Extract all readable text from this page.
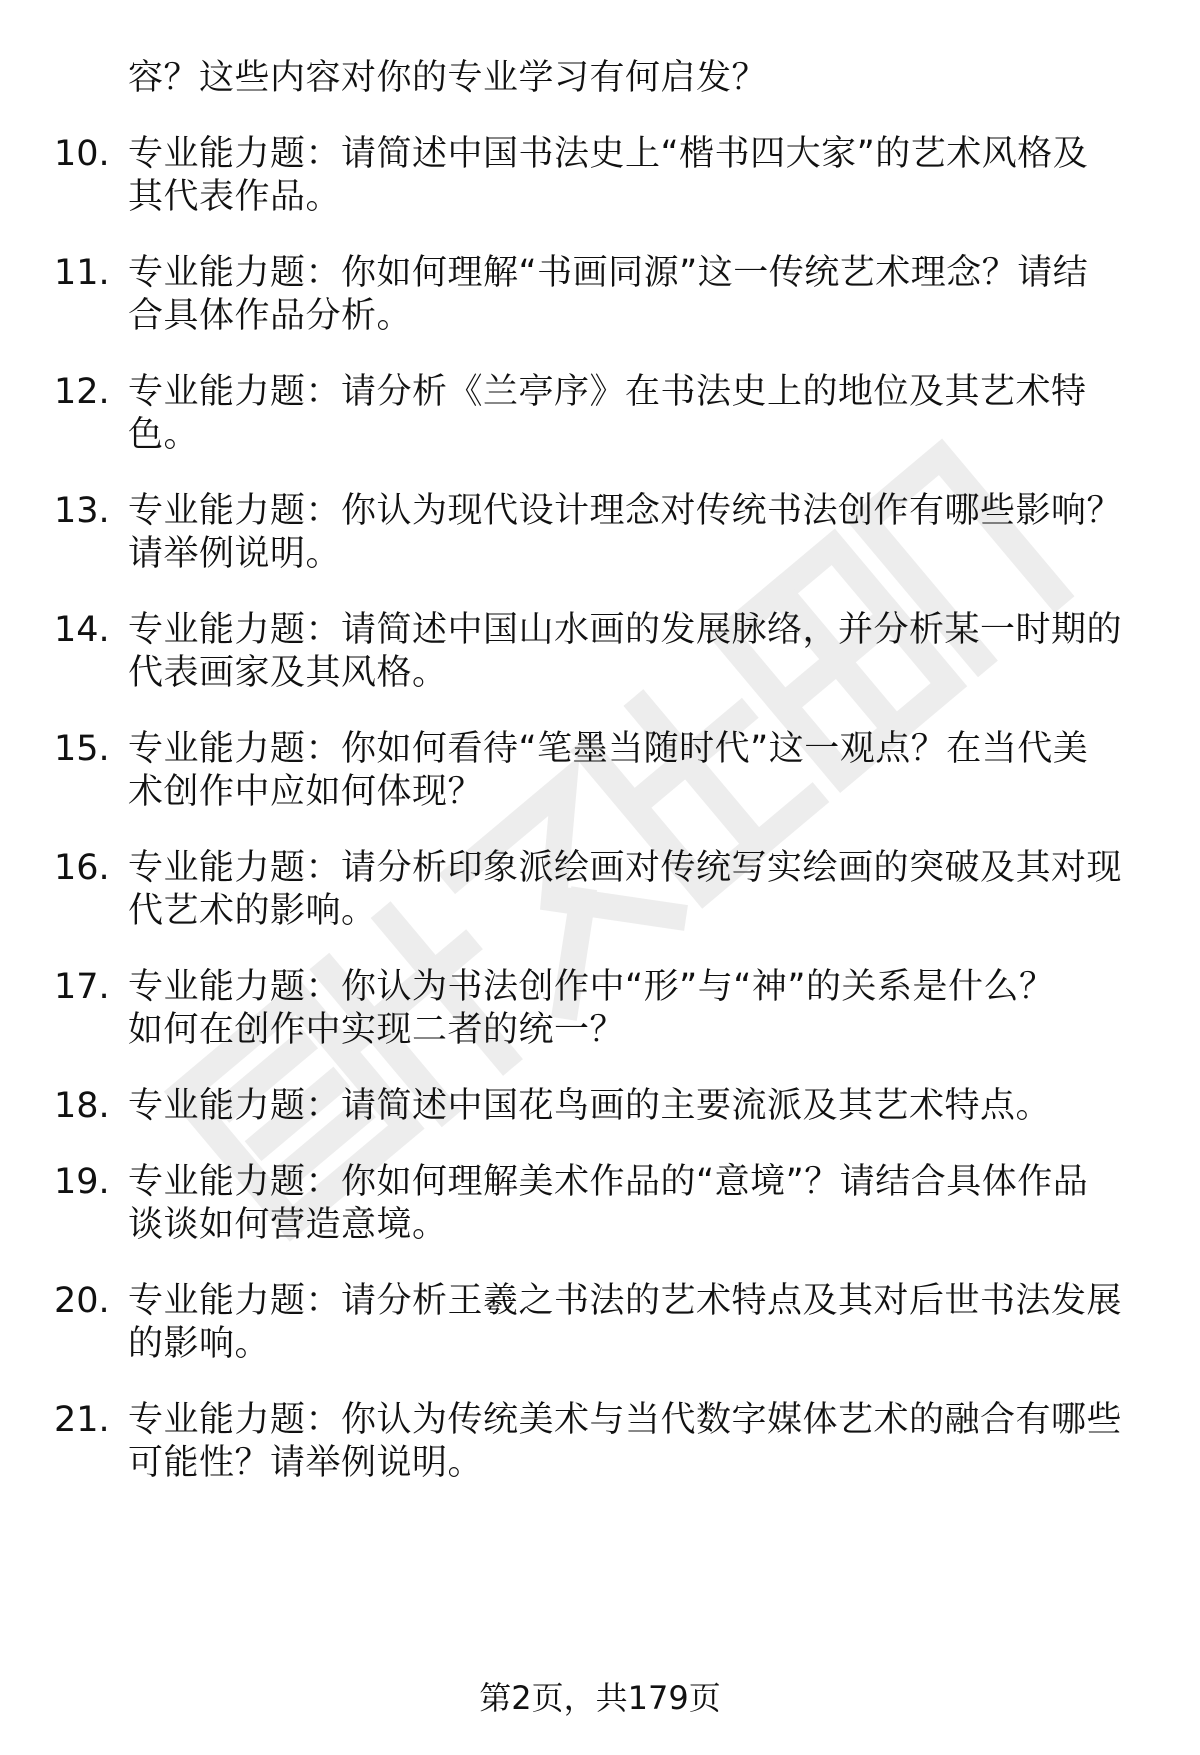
容？这些内容对你的专业学习有何启发？
10. 专业能力题：请简述中国书法史上“楷书四大家”的艺术风格及
其代表作品。
11. 专业能力题：你如何理解“书画同源”这一传统艺术理念？请结
合具体作品分析。
12. 专业能力题：请分析《兰亭序》在书法史上的地位及其艺术特
色。
13. 专业能力题：你认为现代设计理念对传统书法创作有哪些影响？
请举例说明。
14. 专业能力题：请简述中国山水画的发展脉络，并分析某一时期的
代表画家及其风格。
15. 专业能力题：你如何看待“笔墨当随时代”这一观点？在当代美
术创作中应如何体现？
16. 专业能力题：请分析印象派绘画对传统写实绘画的突破及其对现
代艺术的影响。
17. 专业能力题：你认为书法创作中“形”与“神”的关系是什么？
如何在创作中实现二者的统一？
18. 专业能力题：请简述中国花鸟画的主要流派及其艺术特点。
19. 专业能力题：你如何理解美术作品的“意境”？请结合具体作品
谈谈如何营造意境。
20. 专业能力题：请分析王羲之书法的艺术特点及其对后世书法发展
的影响。
21. 专业能力题：你认为传统美术与当代数字媒体艺术的融合有哪些
可能性？请举例说明。
第2页，共179页
